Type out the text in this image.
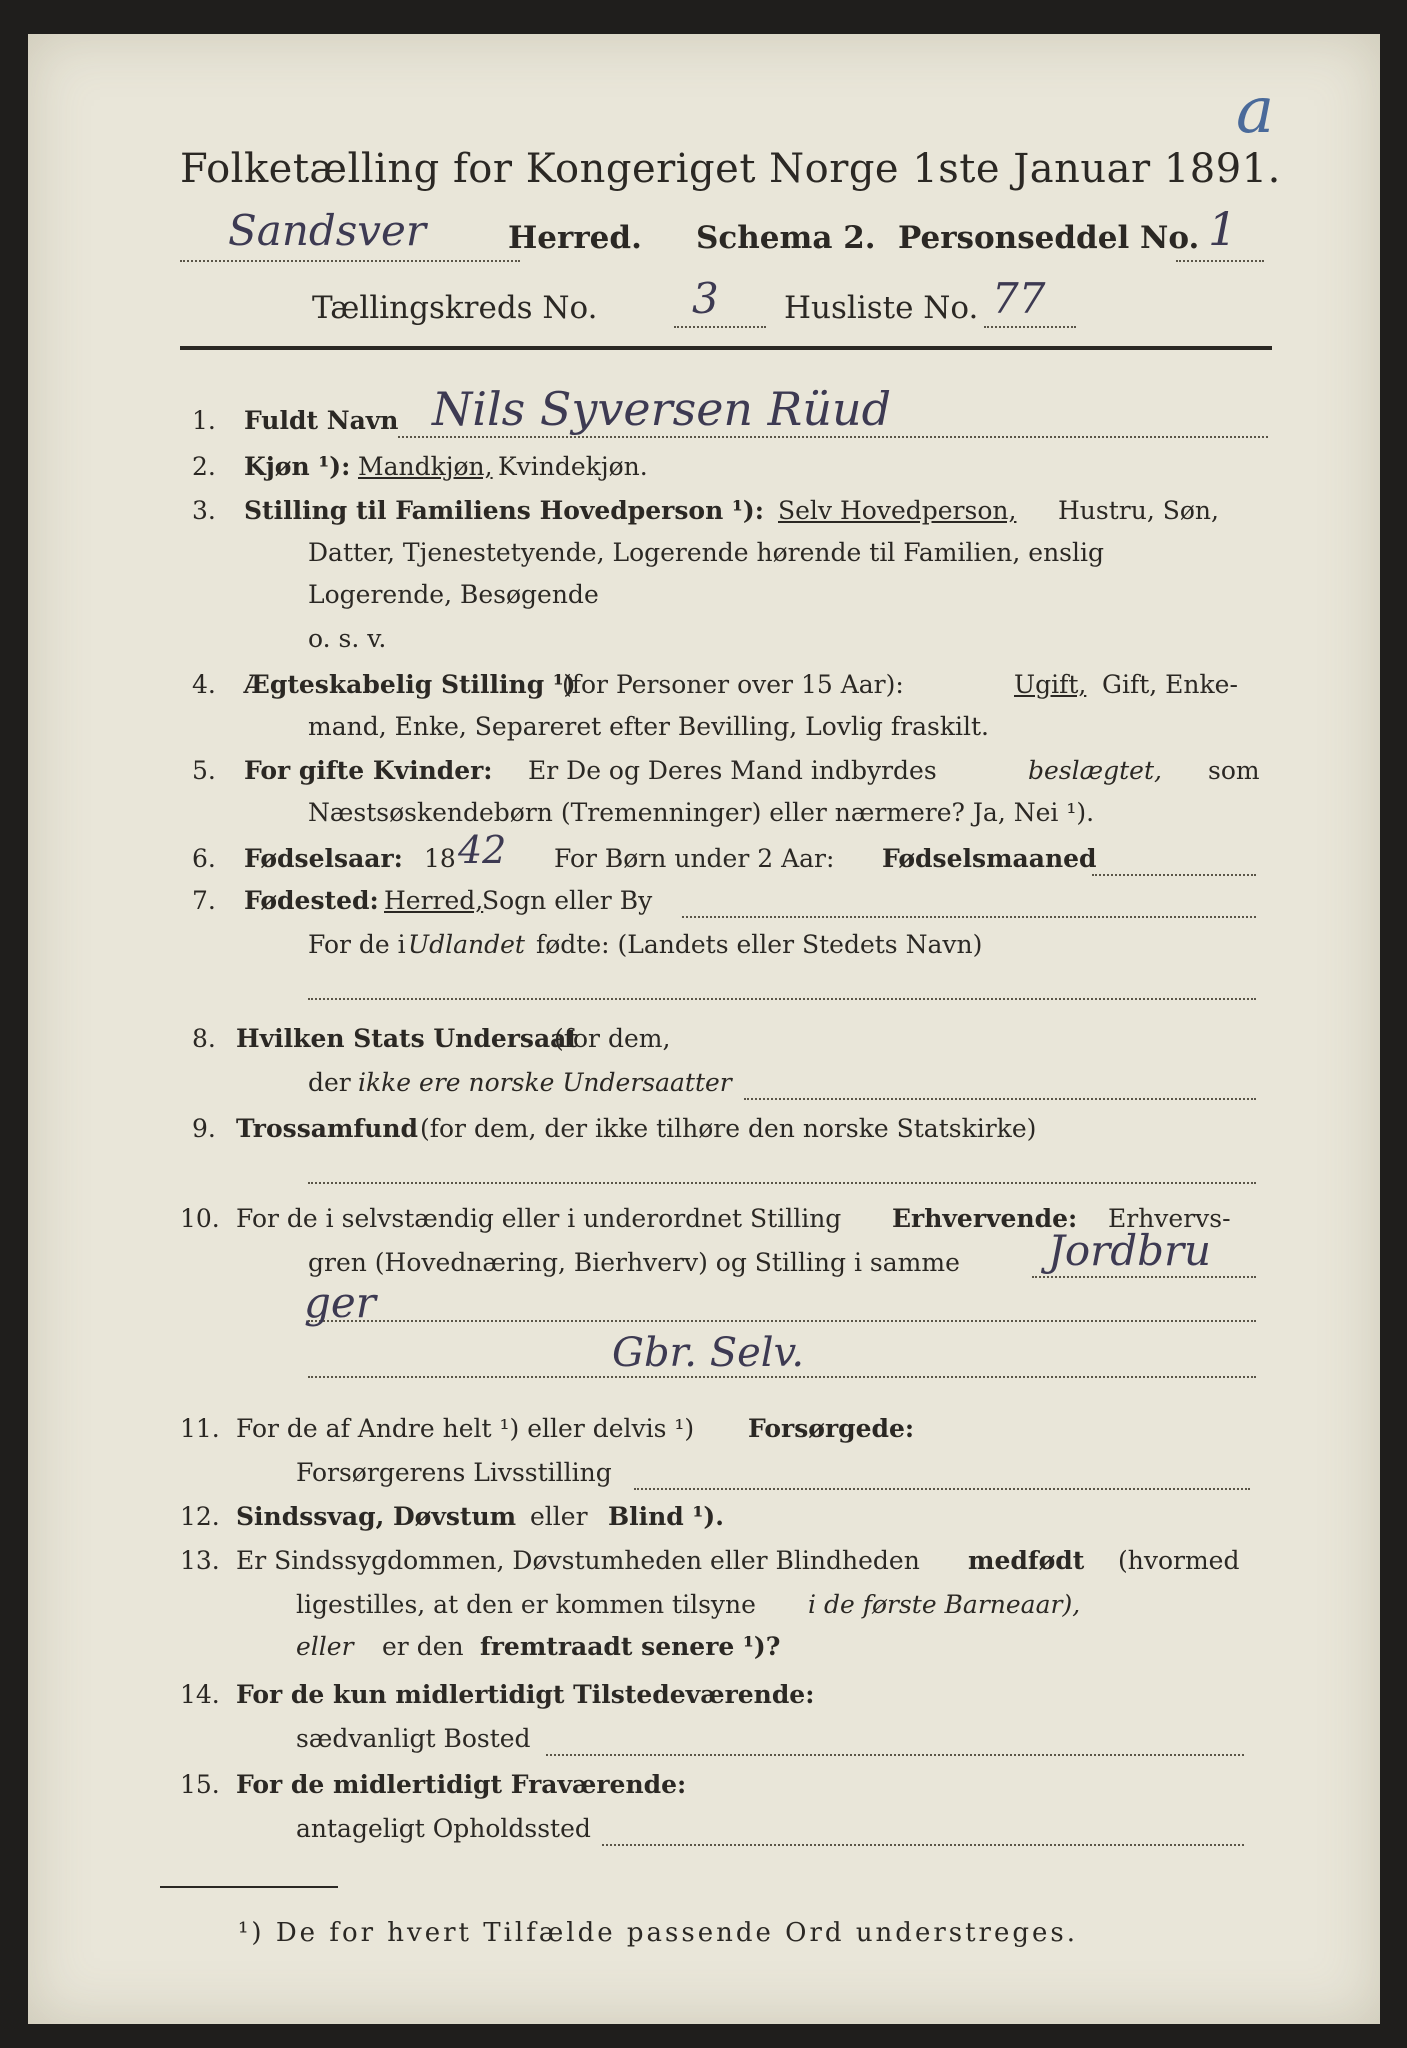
a
Folketælling for Kongeriget Norge 1ste Januar 1891.
Sandsver	Herred. Schema 2. Personseddel No. 1
Tællingskreds No. 3 Husliste No. 77
1. Fuldt Navn Nils Syversen Rüud
2. Kjøn ¹): Mandkjøn, Kvindekjøn.
3. Stilling til Familiens Hovedperson ¹): Selv Hovedperson, Hustru, Søn,
Datter, Tjenestetyende, Logerende hørende til Familien, enslig
Logerende, Besøgende
o. s. v.
4. Ægteskabelig Stilling ¹)
(for Personer over 15 Aar):	Ugift, Gift, Enke-
mand, Enke, Separeret efter Bevilling, Lovlig fraskilt.
5. For gifte Kvinder: Er De og Deres Mand indbyrdes	beslægtet, som
Næstsøskendebørn (Tremenninger) eller nærmere? Ja, Nei ¹).
6. Fødselsaar: 18 42 For Børn under 2 Aar: Fødselsmaaned
7. Fødested: Herred,
Sogn eller By
For de i Udlandet fødte: (Landets eller Stedets Navn)
8. Hvilken Stats Undersaat
(for dem,
der ikke ere norske Undersaatter
9. Trossamfund (for dem, der ikke tilhøre den norske Statskirke)
10. For de i selvstændig eller i underordnet Stilling Erhvervende: Erhvervs-
gren (Hovednæring, Bierhverv) og Stilling i samme Jordbru
ger
Gbr. Selv.
11. For de af Andre helt ¹) eller delvis ¹) Forsørgede:
Forsørgerens Livsstilling
12. Sindssvag, Døvstum eller Blind ¹).
13. Er Sindssygdommen, Døvstumheden eller Blindheden medfødt (hvormed
ligestilles, at den er kommen tilsyne i de første Barneaar),
eller er den fremtraadt senere ¹)?
14. For de kun midlertidigt Tilstedeværende:
sædvanligt Bosted
15. For de midlertidigt Fraværende:
antageligt Opholdssted
¹) De for hvert Tilfælde passende Ord understreges.
